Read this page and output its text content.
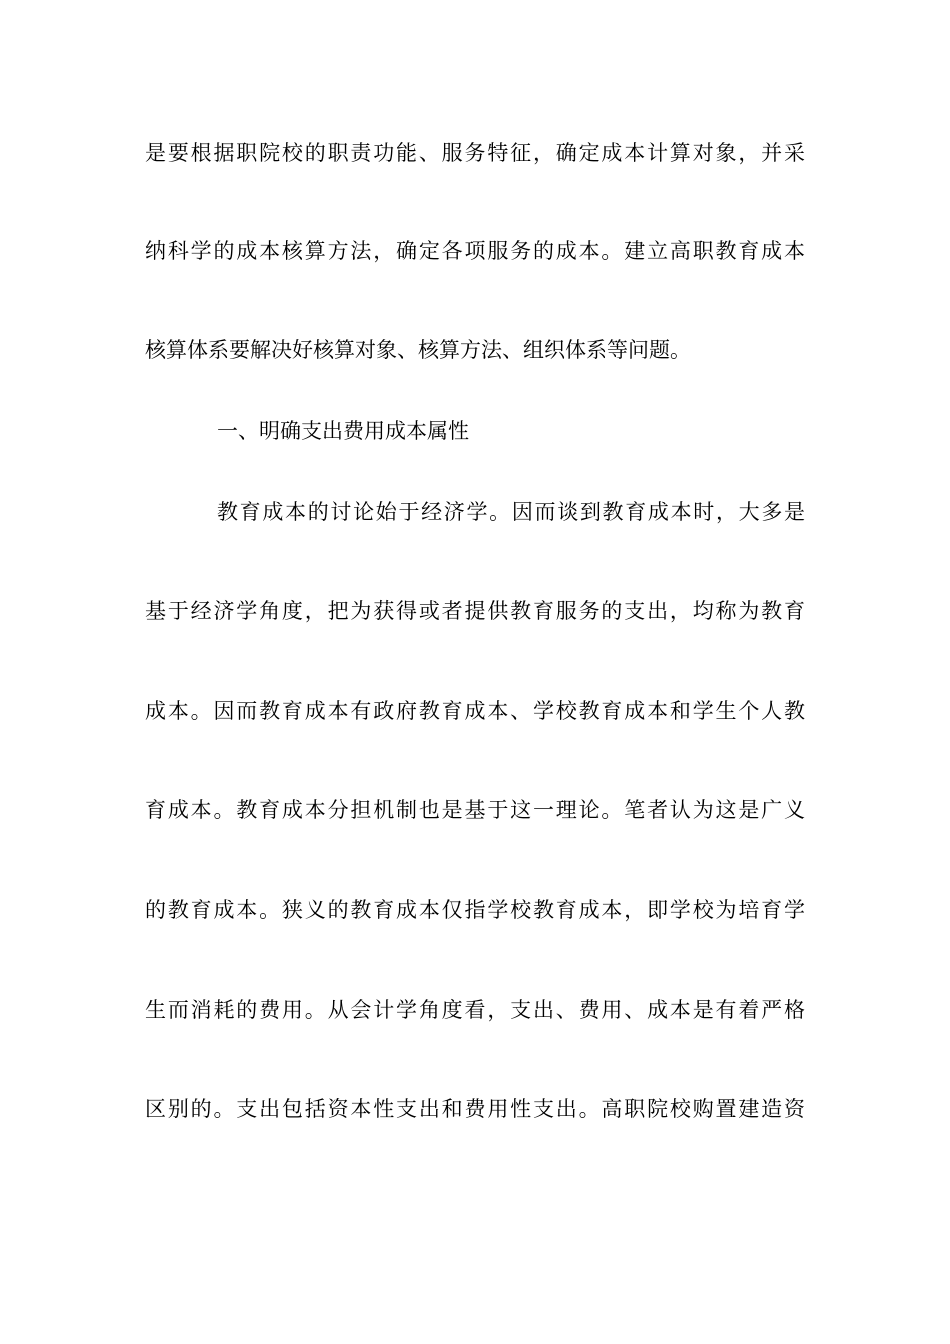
是要根据职院校的职责功能、服务特征，确定成本计算对象，并采
纳科学的成本核算方法，确定各项服务的成本。建立高职教育成本
核算体系要解决好核算对象、核算方法、组织体系等问题。
一、明确支出费用成本属性
教育成本的讨论始于经济学。因而谈到教育成本时，大多是
基于经济学角度，把为获得或者提供教育服务的支出，均称为教育
成本。因而教育成本有政府教育成本、学校教育成本和学生个人教
育成本。教育成本分担机制也是基于这一理论。笔者认为这是广义
的教育成本。狭义的教育成本仅指学校教育成本，即学校为培育学
生而消耗的费用。从会计学角度看，支出、费用、成本是有着严格
区别的。支出包括资本性支出和费用性支出。高职院校购置建造资
